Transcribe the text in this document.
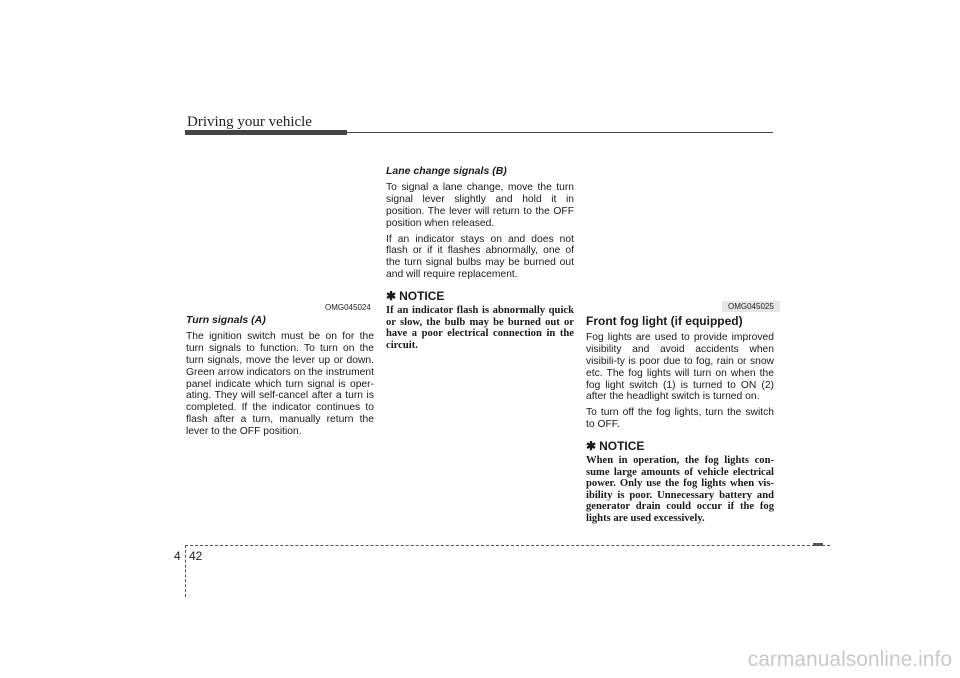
Driving your vehicle
OMG045024

Turn signals (A)

The ignition switch must be on for the turn signals to function. To turn on the turn signals, move the lever up or down. Green arrow indicators on the instrument panel indicate which turn signal is oper-ating. They will self-cancel after a turn is completed. If the indicator continues to flash after a turn, manually return the lever to the OFF position.

Lane change signals (B)

To signal a lane change, move the turn signal lever slightly and hold it in position. The lever will return to the OFF position when released.

If an indicator stays on and does not flash or if it flashes abnormally, one of the turn signal bulbs may be burned out and will require replacement.

✱ NOTICE

If an indicator flash is abnormally quick or slow, the bulb may be burned out or have a poor electrical connection in the circuit.

OMG045025

Front fog light (if equipped)

Fog lights are used to provide improved visibility and avoid accidents when visibili-ty is poor due to fog, rain or snow etc. The fog lights will turn on when the fog light switch (1) is turned to ON (2) after the headlight switch is turned on.

To turn off the fog lights, turn the switch to OFF.

✱ NOTICE

When in operation, the fog lights con-sume large amounts of vehicle electrical power. Only use the fog lights when vis-ibility is poor. Unnecessary battery and generator drain could occur if the fog lights are used excessively.

4 42
carmanualsonline.info
